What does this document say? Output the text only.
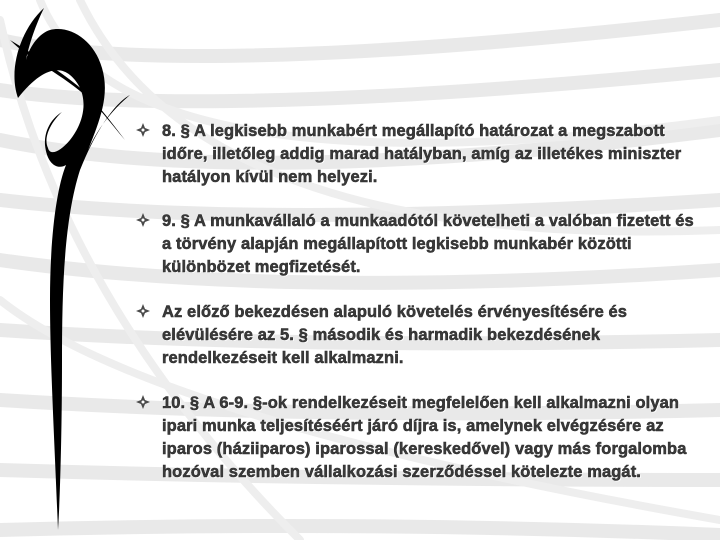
8. § A legkisebb munkabért megállapító határozat a megszabott időre, illetőleg addig marad hatályban, amíg az illetékes miniszter hatályon kívül nem helyezi.
9. § A munkavállaló a munkaadótól követelheti a valóban fizetett és a törvény alapján megállapított legkisebb munkabér közötti különbözet megfizetését.
Az előző bekezdésen alapuló követelés érvényesítésére és elévülésére az 5. § második és harmadik bekezdésének rendelkezéseit kell alkalmazni.
10. § A 6-9. §-ok rendelkezéseit megfelelően kell alkalmazni olyan ipari munka teljesítéséért járó díjra is, amelynek elvégzésére az iparos (háziiparos) iparossal (kereskedővel) vagy más forgalomba hozóval szemben vállalkozási szerződéssel kötelezte magát.
